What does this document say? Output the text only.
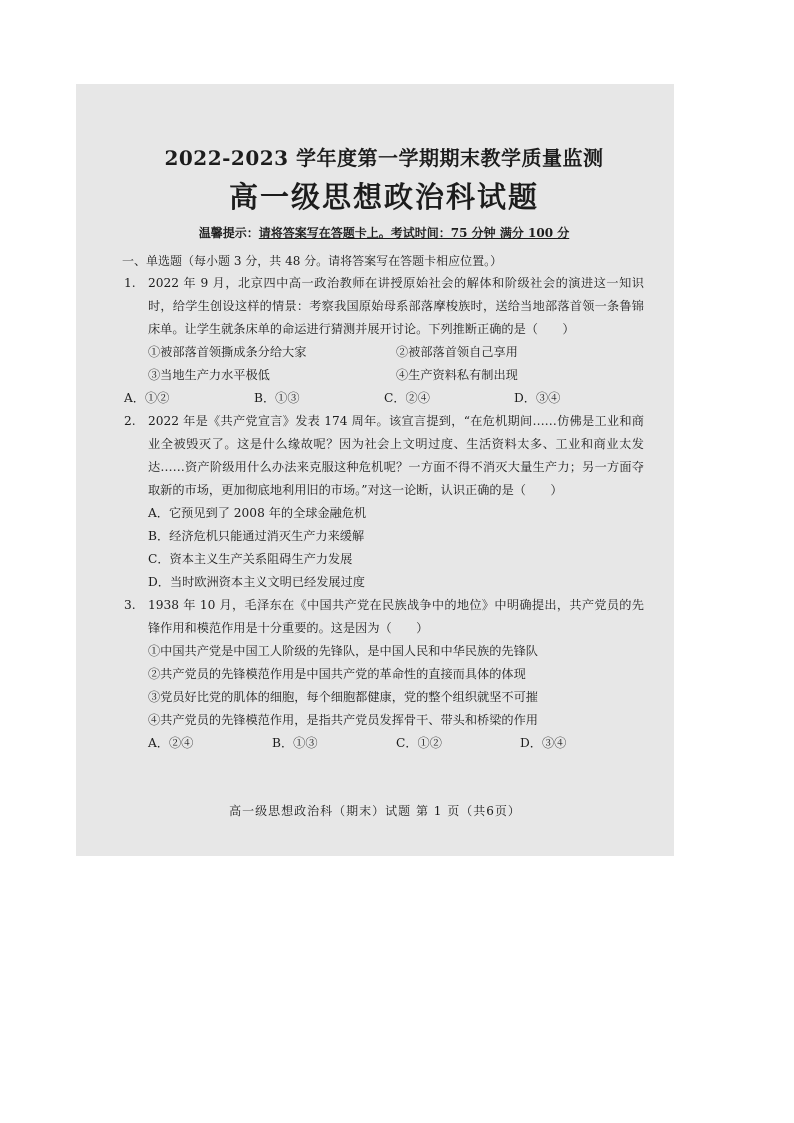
2022-2023 学年度第一学期期末教学质量监测
高一级思想政治科试题
温馨提示：请将答案写在答题卡上。考试时间：75 分钟 满分 100 分
一、单选题（每小题 3 分，共 48 分。请将答案写在答题卡相应位置。）
1.	2022 年 9 月，北京四中高一政治教师在讲授原始社会的解体和阶级社会的演进这一知识时，给学生创设这样的情景：考察我国原始母系部落摩梭族时，送给当地部落首领一条鲁锦床单。让学生就条床单的命运进行猜测并展开讨论。下列推断正确的是（　　）
①被部落首领撕成条分给大家	②被部落首领自己享用
③当地生产力水平极低	④生产资料私有制出现
A．①②	B．①③	C．②④	D．③④
2.	2022 年是《共产党宣言》发表 174 周年。该宣言提到，“在危机期间……仿佛是工业和商业全被毁灭了。这是什么缘故呢？因为社会上文明过度、生活资料太多、工业和商业太发达……资产阶级用什么办法来克服这种危机呢？一方面不得不消灭大量生产力；另一方面夺取新的市场，更加彻底地利用旧的市场。”对这一论断，认识正确的是（　　）
A．它预见到了 2008 年的全球金融危机
B．经济危机只能通过消灭生产力来缓解
C．资本主义生产关系阻碍生产力发展
D．当时欧洲资本主义文明已经发展过度
3.	1938 年 10 月，毛泽东在《中国共产党在民族战争中的地位》中明确提出，共产党员的先锋作用和模范作用是十分重要的。这是因为（　　）
①中国共产党是中国工人阶级的先锋队，是中国人民和中华民族的先锋队
②共产党员的先锋模范作用是中国共产党的革命性的直接而具体的体现
③党员好比党的肌体的细胞，每个细胞都健康，党的整个组织就坚不可摧
④共产党员的先锋模范作用，是指共产党员发挥骨干、带头和桥梁的作用
A．②④	B．①③	C．①②	D．③④
高一级思想政治科（期末）试题 第 1 页（共6页）
